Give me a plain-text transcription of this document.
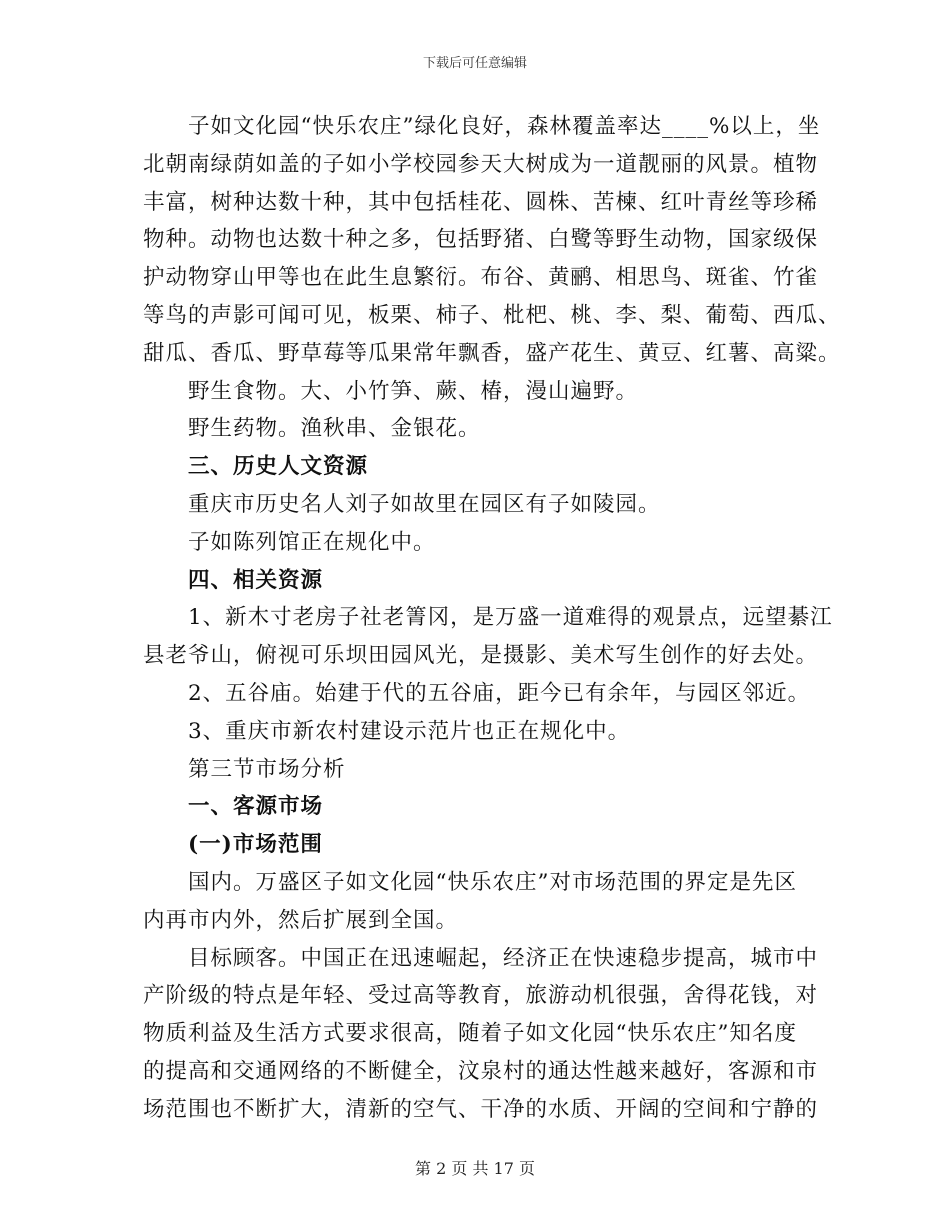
下载后可任意编辑
子如文化园“快乐农庄”绿化良好，森林覆盖率达____%以上，坐
北朝南绿荫如盖的子如小学校园参天大树成为一道靓丽的风景。植物
丰富，树种达数十种，其中包括桂花、圆株、苦楝、红叶青丝等珍稀
物种。动物也达数十种之多，包括野猪、白鹭等野生动物，国家级保
护动物穿山甲等也在此生息繁衍。布谷、黄鹂、相思鸟、斑雀、竹雀
等鸟的声影可闻可见，板栗、柿子、枇杷、桃、李、梨、葡萄、西瓜、
甜瓜、香瓜、野草莓等瓜果常年飘香，盛产花生、黄豆、红薯、高粱。
野生食物。大、小竹笋、蕨、椿，漫山遍野。
野生药物。渔秋串、金银花。
三、历史人文资源
重庆市历史名人刘子如故里在园区有子如陵园。
子如陈列馆正在规化中。
四、相关资源
1、新木寸老房子社老箐冈，是万盛一道难得的观景点，远望綦江
县老爷山，俯视可乐坝田园风光，是摄影、美术写生创作的好去处。
2、五谷庙。始建于代的五谷庙，距今已有余年，与园区邻近。
3、重庆市新农村建设示范片也正在规化中。
第三节市场分析
一、客源市场
(一)市场范围
国内。万盛区子如文化园“快乐农庄”对市场范围的界定是先区
内再市内外，然后扩展到全国。
目标顾客。中国正在迅速崛起，经济正在快速稳步提高，城市中
产阶级的特点是年轻、受过高等教育，旅游动机很强，舍得花钱，对
物质利益及生活方式要求很高，随着子如文化园“快乐农庄”知名度
的提高和交通网络的不断健全，汶泉村的通达性越来越好，客源和市
场范围也不断扩大，清新的空气、干净的水质、开阔的空间和宁静的
第 2 页 共 17 页
